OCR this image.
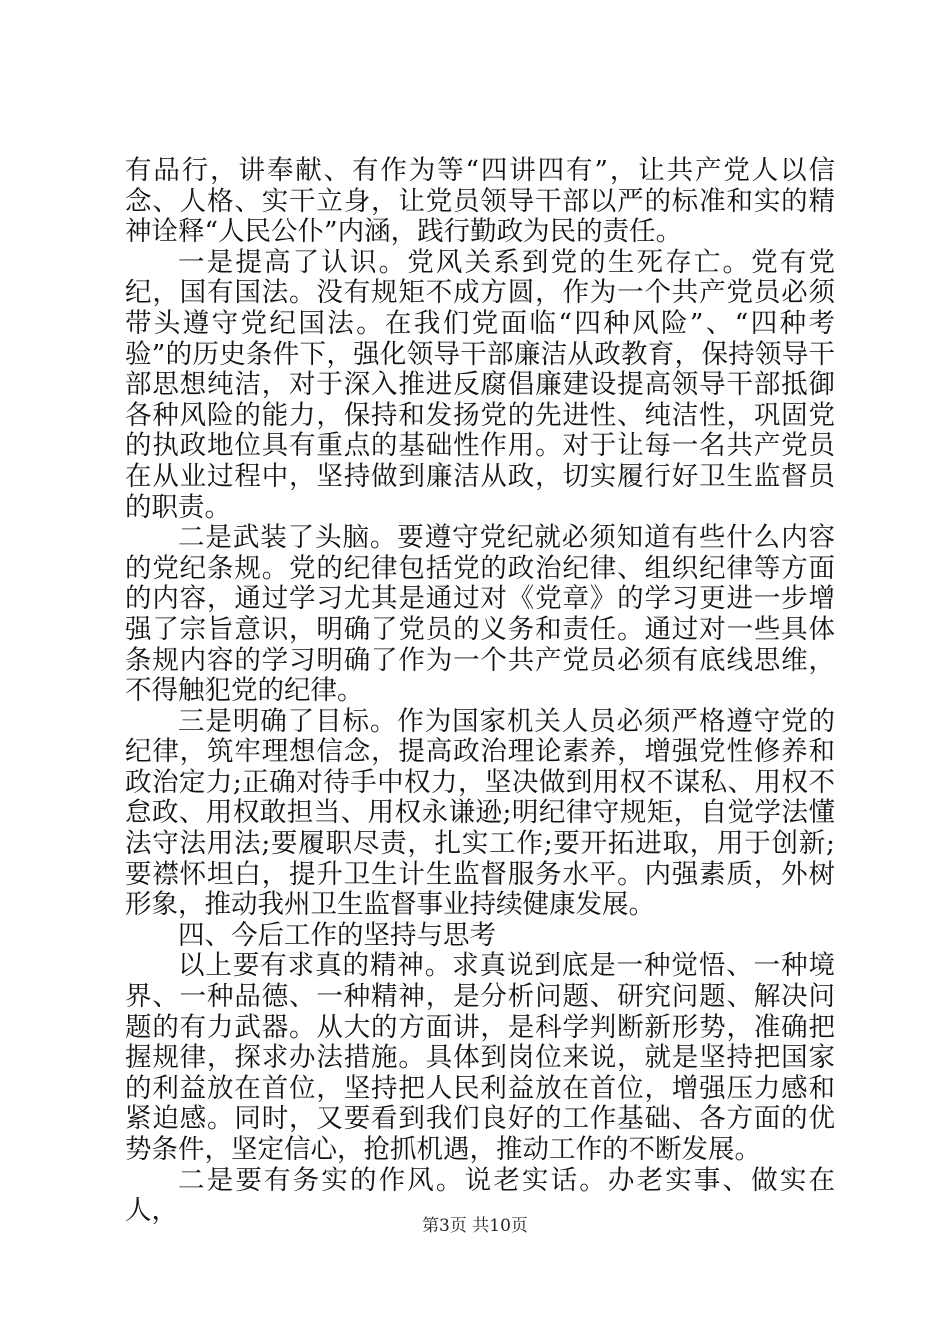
有品行，讲奉献、有作为等“四讲四有”，让共产党人以信念、人格、实干立身，让党员领导干部以严的标准和实的精神诠释“人民公仆”内涵，践行勤政为民的责任。

一是提高了认识。党风关系到党的生死存亡。党有党纪，国有国法。没有规矩不成方圆，作为一个共产党员必须带头遵守党纪国法。在我们党面临“四种风险”、“四种考验”的历史条件下，强化领导干部廉洁从政教育，保持领导干部思想纯洁，对于深入推进反腐倡廉建设提高领导干部抵御各种风险的能力，保持和发扬党的先进性、纯洁性，巩固党的执政地位具有重点的基础性作用。对于让每一名共产党员在从业过程中，坚持做到廉洁从政，切实履行好卫生监督员的职责。

二是武装了头脑。要遵守党纪就必须知道有些什么内容的党纪条规。党的纪律包括党的政治纪律、组织纪律等方面的内容，通过学习尤其是通过对《党章》的学习更进一步增强了宗旨意识，明确了党员的义务和责任。通过对一些具体条规内容的学习明确了作为一个共产党员必须有底线思维，不得触犯党的纪律。

三是明确了目标。作为国家机关人员必须严格遵守党的纪律，筑牢理想信念，提高政治理论素养，增强党性修养和政治定力;正确对待手中权力，坚决做到用权不谋私、用权不怠政、用权敢担当、用权永谦逊;明纪律守规矩，自觉学法懂法守法用法;要履职尽责，扎实工作;要开拓进取，用于创新;要襟怀坦白，提升卫生计生监督服务水平。内强素质，外树形象，推动我州卫生监督事业持续健康发展。

四、今后工作的坚持与思考

以上要有求真的精神。求真说到底是一种觉悟、一种境界、一种品德、一种精神，是分析问题、研究问题、解决问题的有力武器。从大的方面讲，是科学判断新形势，准确把握规律，探求办法措施。具体到岗位来说，就是坚持把国家的利益放在首位，坚持把人民利益放在首位，增强压力感和紧迫感。同时，又要看到我们良好的工作基础、各方面的优势条件，坚定信心，抢抓机遇，推动工作的不断发展。

二是要有务实的作风。说老实话。办老实事、做实在人，	第3页 共10页
